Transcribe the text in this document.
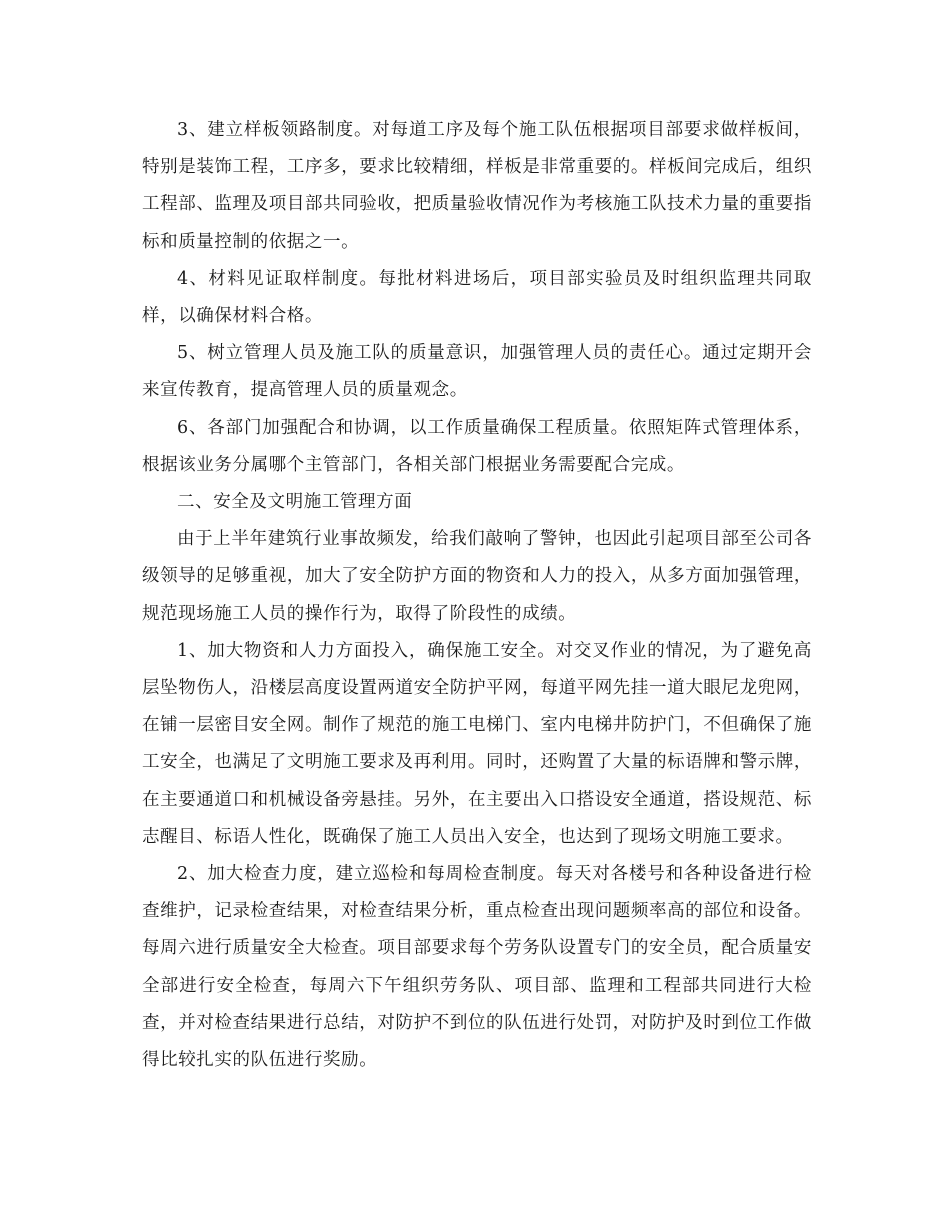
3、建立样板领路制度。对每道工序及每个施工队伍根据项目部要求做样板间，特别是装饰工程，工序多，要求比较精细，样板是非常重要的。样板间完成后，组织工程部、监理及项目部共同验收，把质量验收情况作为考核施工队技术力量的重要指标和质量控制的依据之一。

4、材料见证取样制度。每批材料进场后，项目部实验员及时组织监理共同取样，以确保材料合格。

5、树立管理人员及施工队的质量意识，加强管理人员的责任心。通过定期开会来宣传教育，提高管理人员的质量观念。

6、各部门加强配合和协调，以工作质量确保工程质量。依照矩阵式管理体系，根据该业务分属哪个主管部门，各相关部门根据业务需要配合完成。

二、安全及文明施工管理方面

由于上半年建筑行业事故频发，给我们敲响了警钟，也因此引起项目部至公司各级领导的足够重视，加大了安全防护方面的物资和人力的投入，从多方面加强管理，规范现场施工人员的操作行为，取得了阶段性的成绩。

1、加大物资和人力方面投入，确保施工安全。对交叉作业的情况，为了避免高层坠物伤人，沿楼层高度设置两道安全防护平网，每道平网先挂一道大眼尼龙兜网，在铺一层密目安全网。制作了规范的施工电梯门、室内电梯井防护门，不但确保了施工安全，也满足了文明施工要求及再利用。同时，还购置了大量的标语牌和警示牌，在主要通道口和机械设备旁悬挂。另外，在主要出入口搭设安全通道，搭设规范、标志醒目、标语人性化，既确保了施工人员出入安全，也达到了现场文明施工要求。

2、加大检查力度，建立巡检和每周检查制度。每天对各楼号和各种设备进行检查维护，记录检查结果，对检查结果分析，重点检查出现问题频率高的部位和设备。每周六进行质量安全大检查。项目部要求每个劳务队设置专门的安全员，配合质量安全部进行安全检查，每周六下午组织劳务队、项目部、监理和工程部共同进行大检查，并对检查结果进行总结，对防护不到位的队伍进行处罚，对防护及时到位工作做得比较扎实的队伍进行奖励。
